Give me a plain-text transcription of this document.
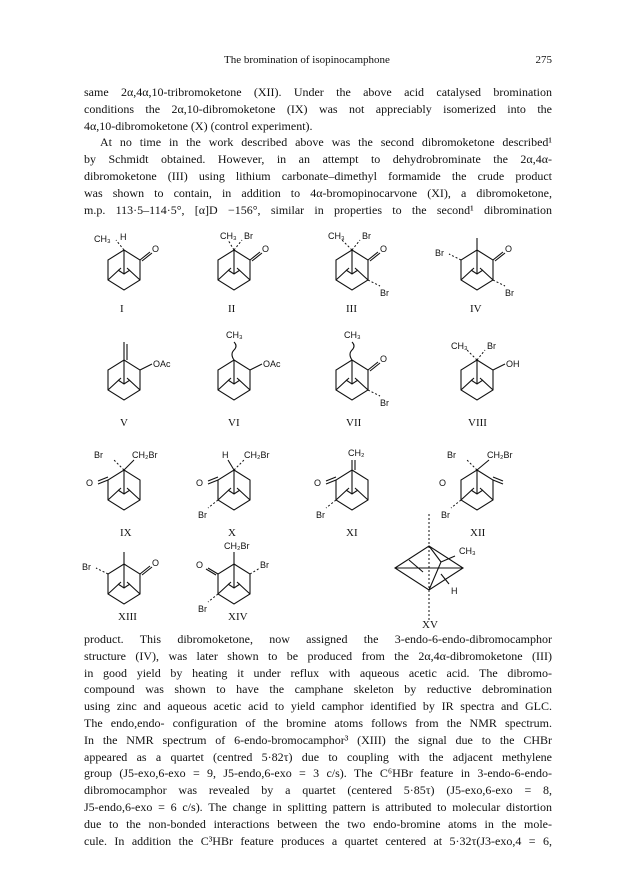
The bromination of isopinocamphone	275
same 2α,4α,10-tribromoketone (XII). Under the above acid catalysed bromination
conditions the 2α,10-dibromoketone (IX) was not appreciably isomerized into the
4α,10-dibromoketone (X) (control experiment).
At no time in the work described above was the second dibromoketone described¹
by Schmidt obtained. However, in an attempt to dehydrobrominate the 2α,4α-
dibromoketone (III) using lithium carbonate–dimethyl formamide the crude product
was shown to contain, in addition to 4α-bromopinocarvone (XI), a dibromoketone,
m.p. 113·5–114·5°, [α]D −156°, similar in properties to the second¹ dibromination
CH₃ H
O
I
CH₃ Br
O
II
CH₃ Br
O
Br
III
Br	O
Br
IV
OAc
V
CH₃
OAc
VI
CH₃
O
Br
VII
CH₃ Br
OH
VIII
Br	CH₂Br
O
IX
H CH₂Br
O
Br
X
CH₂
O
Br
XI
Br	CH₂Br
O
Br
XII
Br	O
XIII
CH₂Br
O	Br
Br
XIV
CH₃
H
XV
product. This dibromoketone, now assigned the 3-endo-6-endo-dibromocamphor
structure (IV), was later shown to be produced from the 2α,4α-dibromoketone (III)
in good yield by heating it under reflux with aqueous acetic acid. The dibromo-
compound was shown to have the camphane skeleton by reductive debromination
using zinc and aqueous acetic acid to yield camphor identified by IR spectra and GLC.
The endo,endo- configuration of the bromine atoms follows from the NMR spectrum.
In the NMR spectrum of 6-endo-bromocamphor³ (XIII) the signal due to the CHBr
appeared as a quartet (centred 5·82τ) due to coupling with the adjacent methylene
group (J5-exo,6-exo = 9, J5-endo,6-exo = 3 c/s). The C⁶HBr feature in 3-endo-6-endo-
dibromocamphor was revealed by a quartet (centered 5·85τ) (J5-exo,6-exo = 8,
J5-endo,6-exo = 6 c/s). The change in splitting pattern is attributed to molecular distortion
due to the non-bonded interactions between the two endo-bromine atoms in the mole-
cule. In addition the C³HBr feature produces a quartet centered at 5·32τ(J3-exo,4 = 6,
